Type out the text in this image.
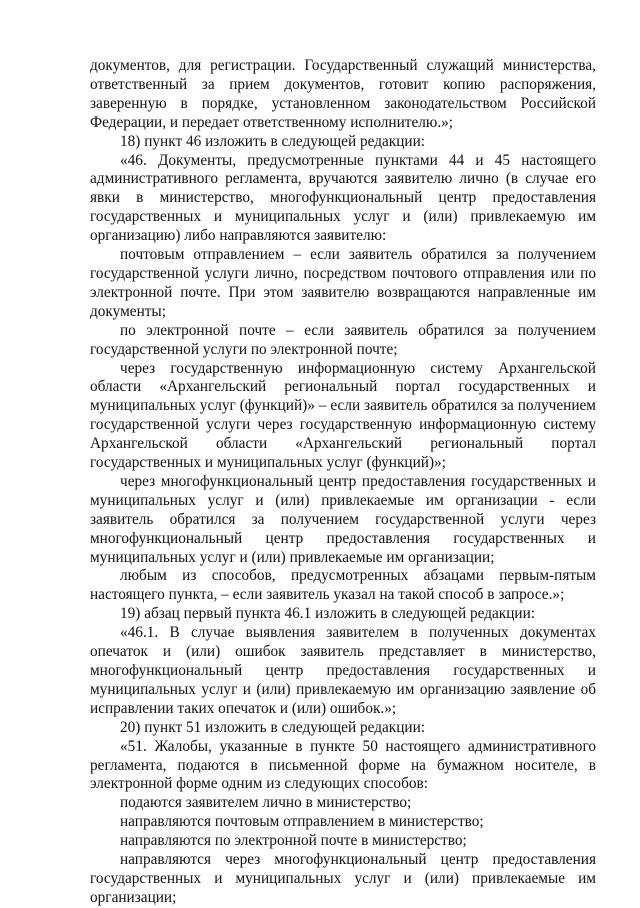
документов, для регистрации. Государственный служащий министерства, ответственный за прием документов, готовит копию распоряжения, заверенную в порядке, установленном законодательством Российской Федерации, и передает ответственному исполнителю.»;

18) пункт 46 изложить в следующей редакции:

«46. Документы, предусмотренные пунктами 44 и 45 настоящего административного регламента, вручаются заявителю лично (в случае его явки в министерство, многофункциональный центр предоставления государственных и муниципальных услуг и (или) привлекаемую им организацию) либо направляются заявителю:

почтовым отправлением – если заявитель обратился за получением государственной услуги лично, посредством почтового отправления или по электронной почте. При этом заявителю возвращаются направленные им документы;

по электронной почте – если заявитель обратился за получением государственной услуги по электронной почте;

через государственную информационную систему Архангельской области «Архангельский региональный портал государственных и муниципальных услуг (функций)» – если заявитель обратился за получением государственной услуги через государственную информационную систему Архангельской области «Архангельский региональный портал государственных и муниципальных услуг (функций)»;

через многофункциональный центр предоставления государственных и муниципальных услуг и (или) привлекаемые им организации - если заявитель обратился за получением государственной услуги через многофункциональный центр предоставления государственных и муниципальных услуг и (или) привлекаемые им организации;

любым из способов, предусмотренных абзацами первым-пятым настоящего пункта, – если заявитель указал на такой способ в запросе.»;

19) абзац первый пункта 46.1 изложить в следующей редакции:

«46.1. В случае выявления заявителем в полученных документах опечаток и (или) ошибок заявитель представляет в министерство, многофункциональный центр предоставления государственных и муниципальных услуг и (или) привлекаемую им организацию заявление об исправлении таких опечаток и (или) ошибок.»;

20) пункт 51 изложить в следующей редакции:

«51. Жалобы, указанные в пункте 50 настоящего административного регламента, подаются в письменной форме на бумажном носителе, в электронной форме одним из следующих способов:

подаются заявителем лично в министерство;

направляются почтовым отправлением в министерство;

направляются по электронной почте в министерство;

направляются через многофункциональный центр предоставления государственных и муниципальных услуг и (или) привлекаемые им организации;
